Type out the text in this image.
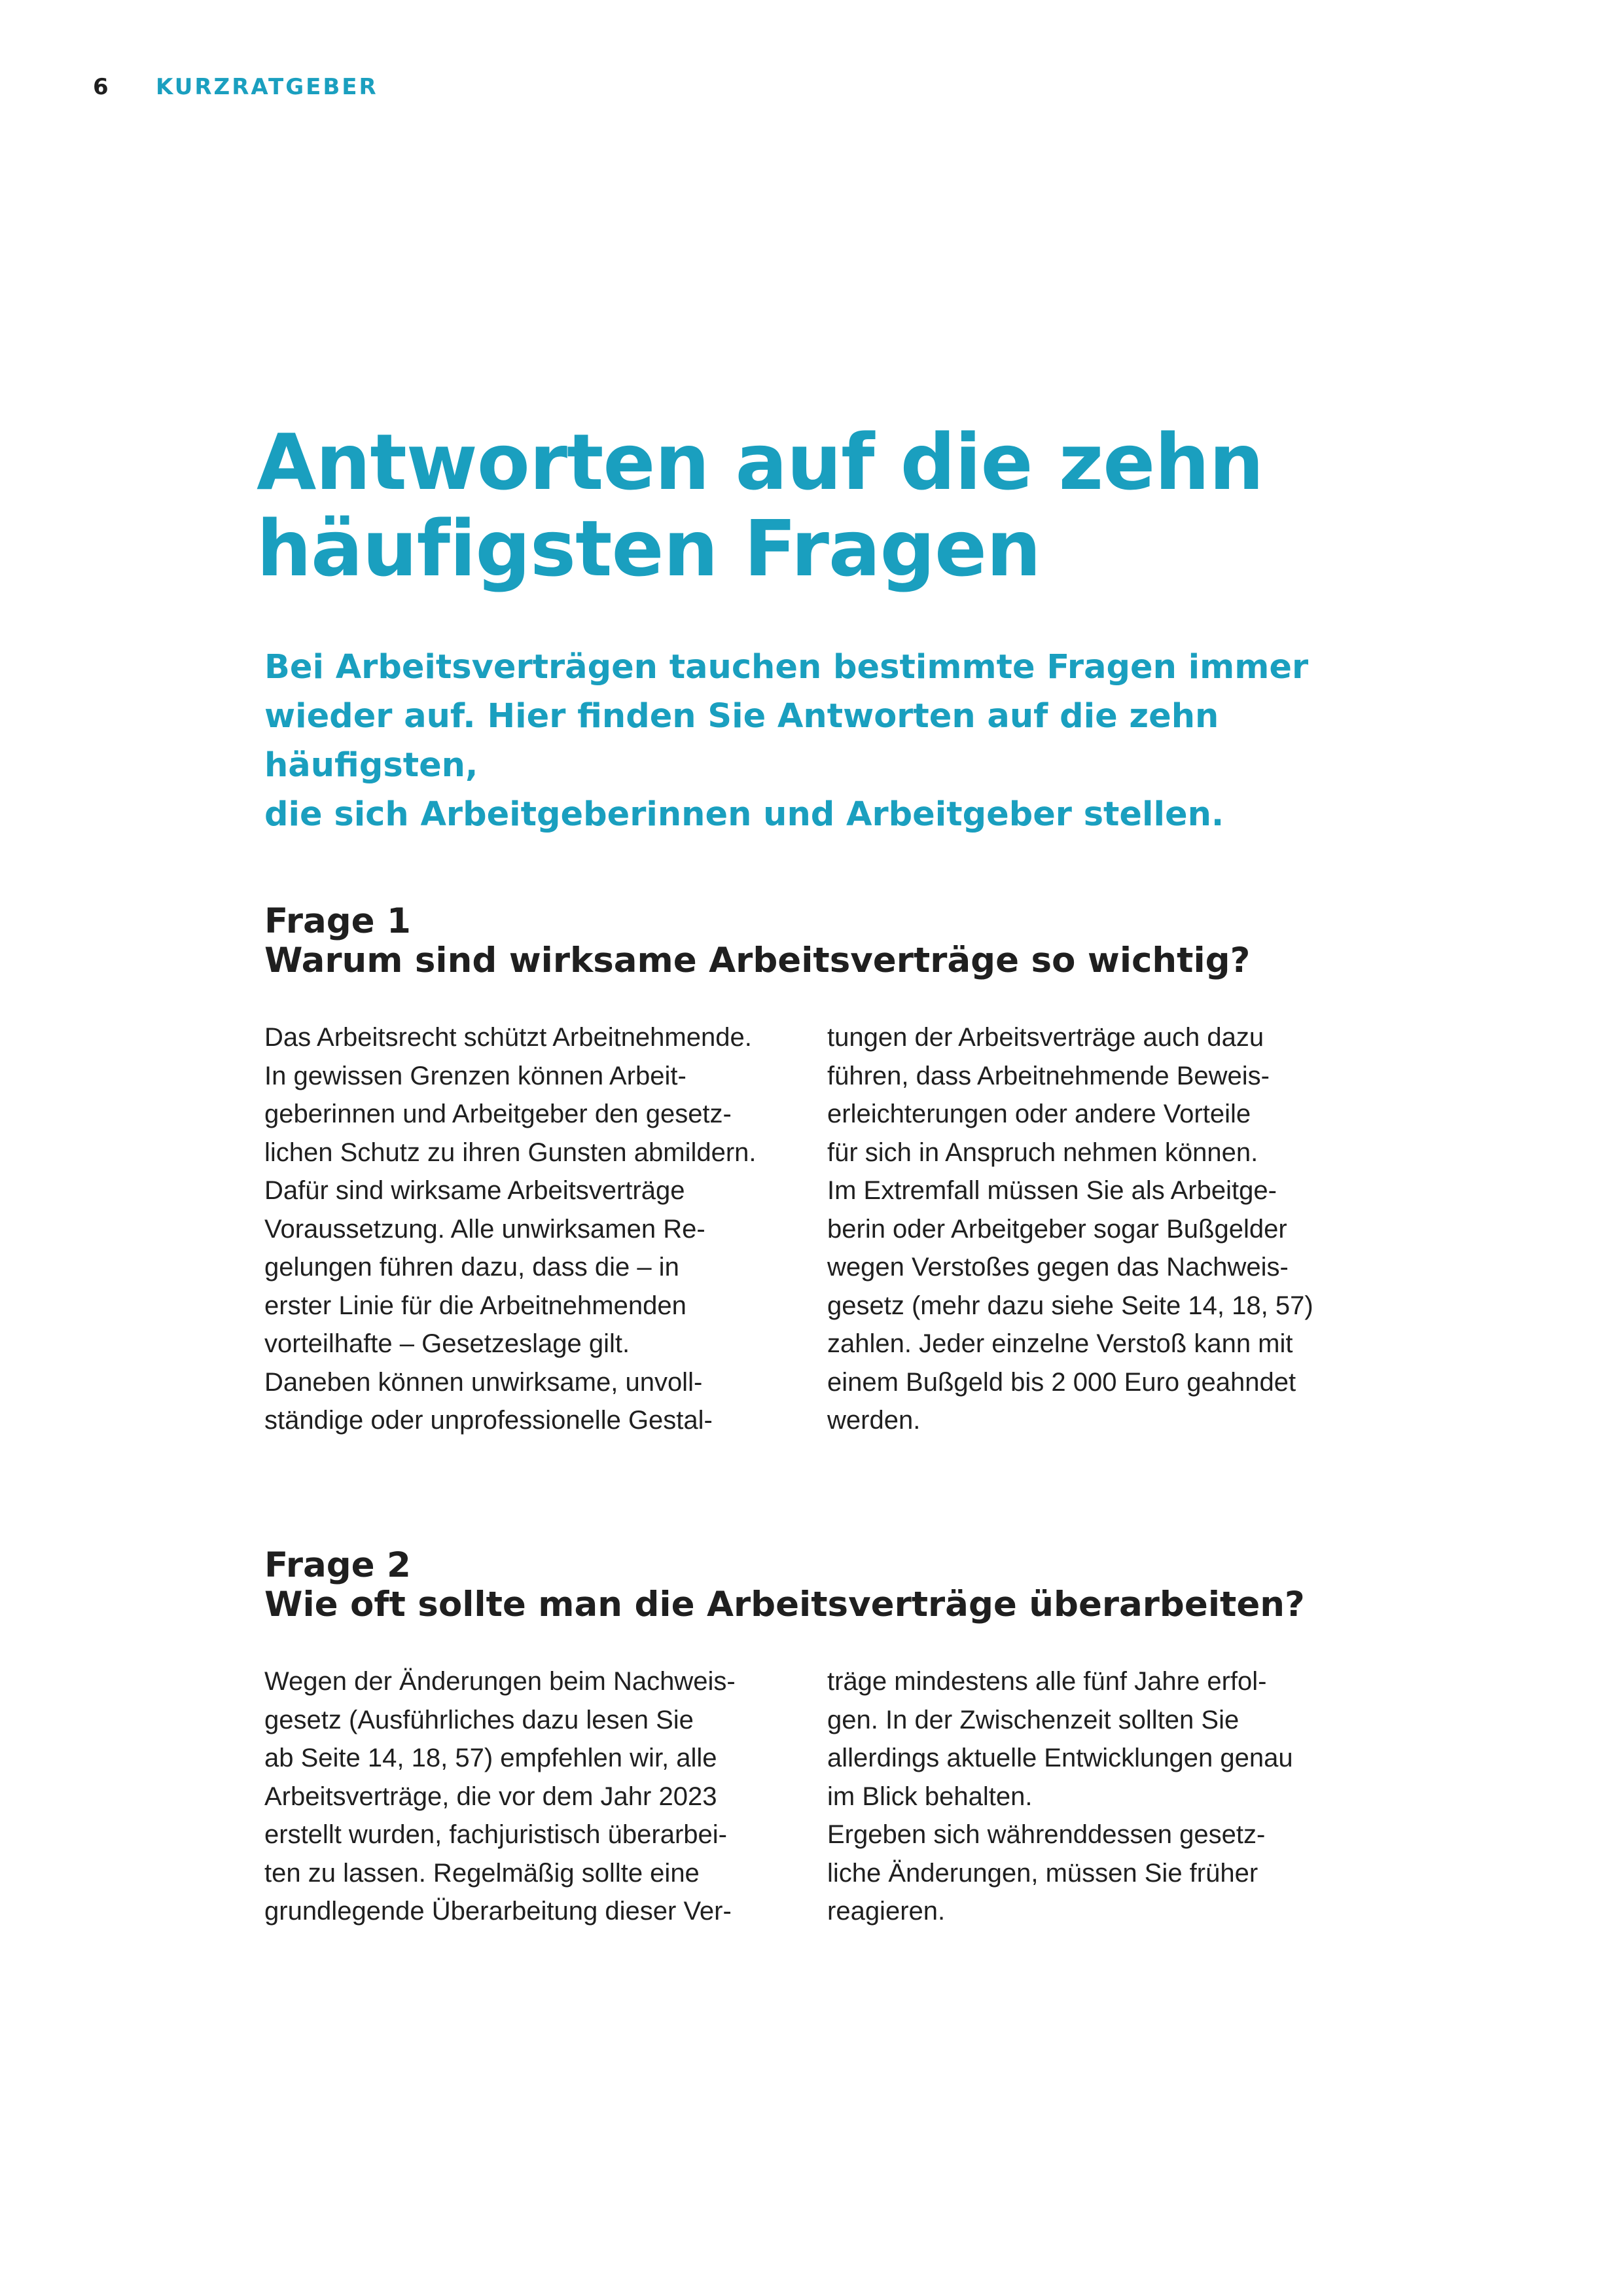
6	KURZRATGEBER
Antworten auf die zehn
häufigsten Fragen

Bei Arbeitsverträgen tauchen bestimmte Fragen immer
wieder auf. Hier finden Sie Antworten auf die zehn häufigsten,
die sich Arbeitgeberinnen und Arbeitgeber stellen.

Frage 1
Warum sind wirksame Arbeitsverträge so wichtig?

Das Arbeitsrecht schützt Arbeitnehmende.
In gewissen Grenzen können Arbeit-
geberinnen und Arbeitgeber den gesetz-
lichen Schutz zu ihren Gunsten abmildern.
Dafür sind wirksame Arbeitsverträge
Voraussetzung. Alle unwirksamen Re-
gelungen führen dazu, dass die – in
erster Linie für die Arbeitnehmenden
vorteilhafte – Gesetzeslage gilt.
Daneben können unwirksame, unvoll-
ständige oder unprofessionelle Gestal-

tungen der Arbeitsverträge auch dazu
führen, dass Arbeitnehmende Beweis-
erleichterungen oder andere Vorteile
für sich in Anspruch nehmen können.
Im Extremfall müssen Sie als Arbeitge-
berin oder Arbeitgeber sogar Bußgelder
wegen Verstoßes gegen das Nachweis-
gesetz (mehr dazu siehe Seite 14, 18, 57)
zahlen. Jeder einzelne Verstoß kann mit
einem Bußgeld bis 2 000 Euro geahndet
werden.

Frage 2
Wie oft sollte man die Arbeitsverträge überarbeiten?

Wegen der Änderungen beim Nachweis-
gesetz (Ausführliches dazu lesen Sie
ab Seite 14, 18, 57) empfehlen wir, alle
Arbeitsverträge, die vor dem Jahr 2023
erstellt wurden, fachjuristisch überarbei-
ten zu lassen. Regelmäßig sollte eine
grundlegende Überarbeitung dieser Ver-

träge mindestens alle fünf Jahre erfol-
gen. In der Zwischenzeit sollten Sie
allerdings aktuelle Entwicklungen genau
im Blick behalten.
Ergeben sich währenddessen gesetz-
liche Änderungen, müssen Sie früher
reagieren.
